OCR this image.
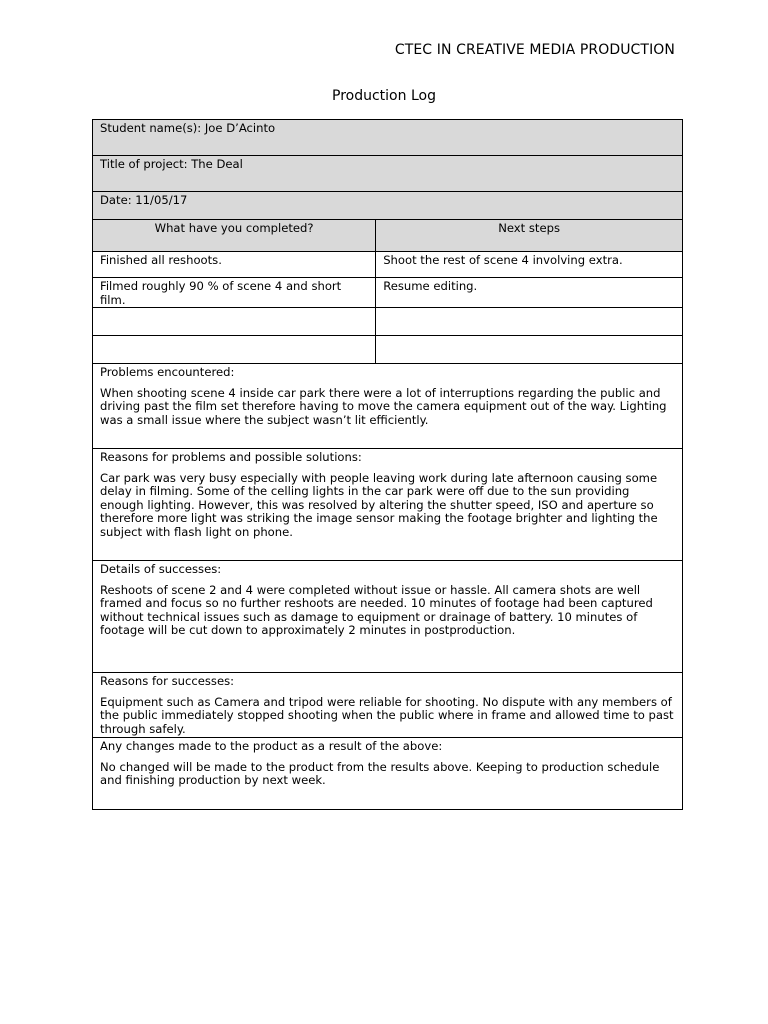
CTEC IN CREATIVE MEDIA PRODUCTION
Production Log
Student name(s): Joe D’Acinto	
Title of project: The Deal	
Date: 11/05/17	
What have you completed?	Next steps
Finished all reshoots.	Shoot the rest of scene 4 involving extra.
Filmed roughly 90 % of scene 4 and short film.	Resume editing.

Problems encountered:
When shooting scene 4 inside car park there were a lot of interruptions regarding the public and driving past the film set therefore having to move the camera equipment out of the way. Lighting was a small issue where the subject wasn’t lit efficiently.	

Reasons for problems and possible solutions:
Car park was very busy especially with people leaving work during late afternoon causing some delay in filming. Some of the celling lights in the car park were off due to the sun providing enough lighting. However, this was resolved by altering the shutter speed, ISO and aperture so therefore more light was striking the image sensor making the footage brighter and lighting the subject with flash light on phone.	

Details of successes:
Reshoots of scene 2 and 4 were completed without issue or hassle. All camera shots are well framed and focus so no further reshoots are needed. 10 minutes of footage had been captured without technical issues such as damage to equipment or drainage of battery. 10 minutes of footage will be cut down to approximately 2 minutes in postproduction.	

Reasons for successes:
Equipment such as Camera and tripod were reliable for shooting. No dispute with any members of the public immediately stopped shooting when the public where in frame and allowed time to past through safely.	

Any changes made to the product as a result of the above:
No changed will be made to the product from the results above. Keeping to production schedule and finishing production by next week.	
